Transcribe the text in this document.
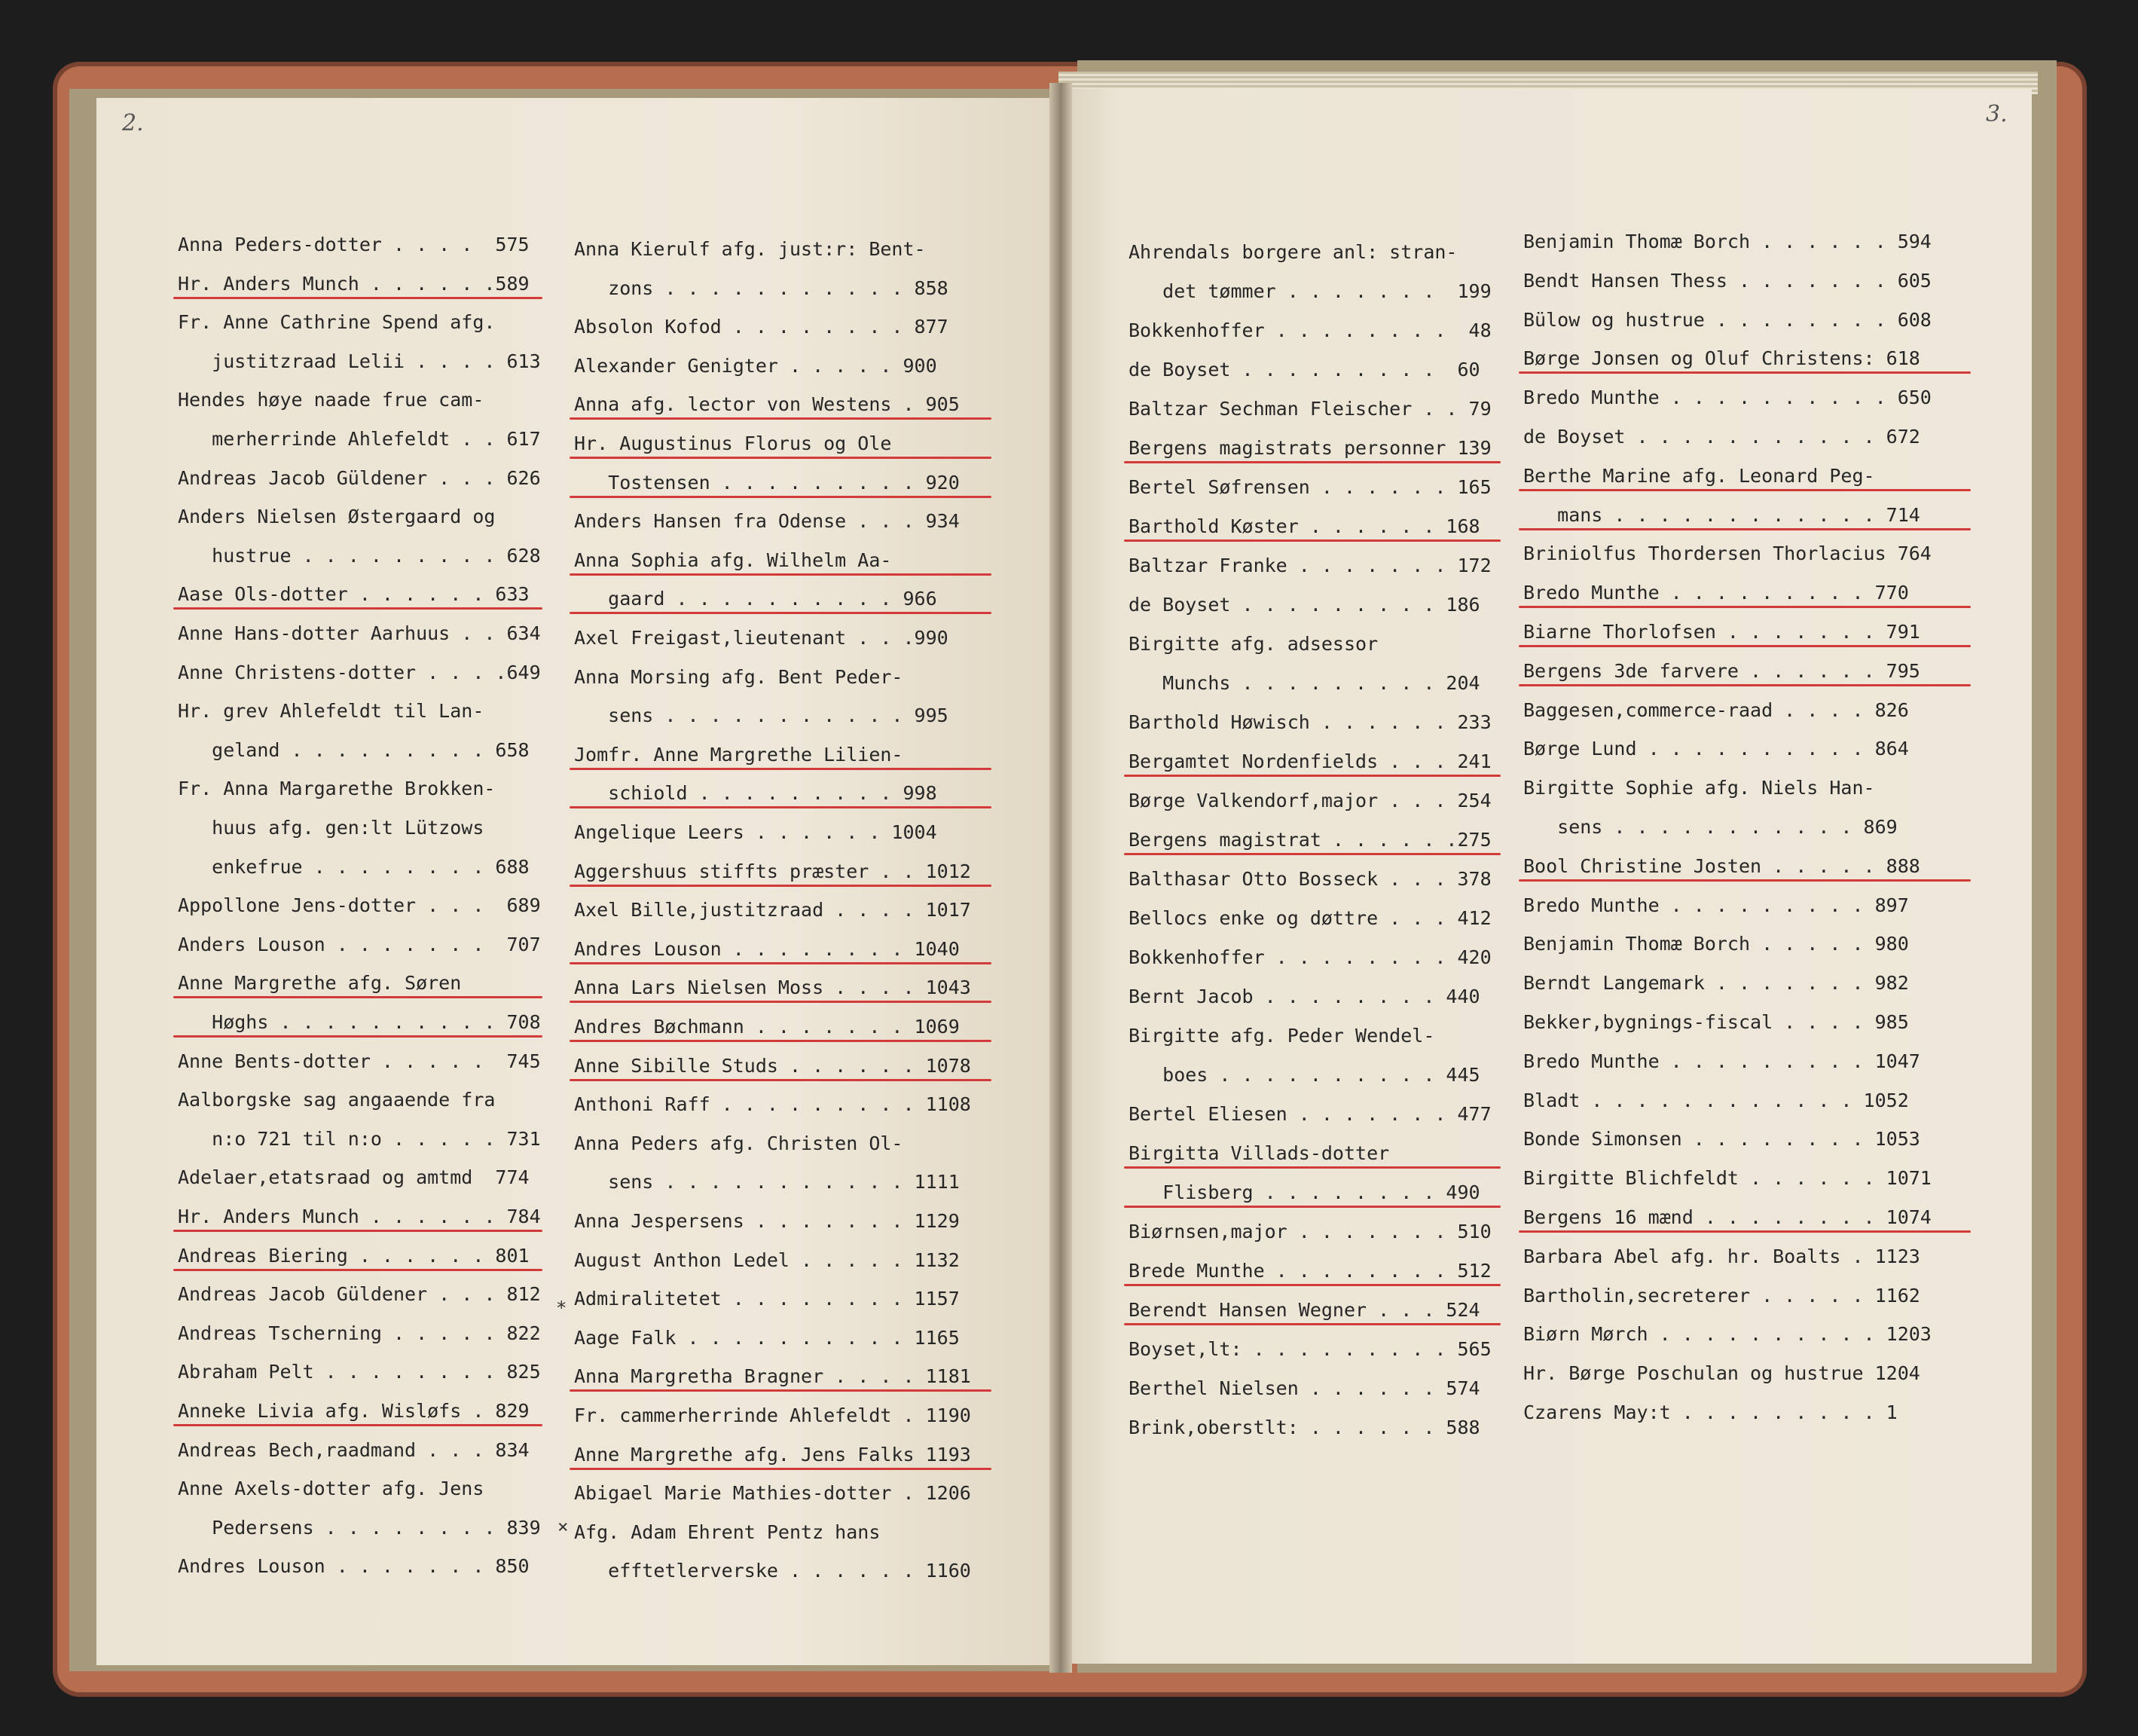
2.	3.
Anna Peders-dotter . . . .  575
Hr. Anders Munch . . . . . .589
Fr. Anne Cathrine Spend afg.
justitzraad Lelii . . . . 613
Hendes høye naade frue cam-
merherrinde Ahlefeldt . . 617
Andreas Jacob Güldener . . . 626
Anders Nielsen Østergaard og
hustrue . . . . . . . . . 628
Aase Ols-dotter . . . . . . 633
Anne Hans-dotter Aarhuus . . 634
Anne Christens-dotter . . . .649
Hr. grev Ahlefeldt til Lan-
geland . . . . . . . . . 658
Fr. Anna Margarethe Brokken-
huus afg. gen:lt Lützows
enkefrue . . . . . . . . 688
Appollone Jens-dotter . . .  689
Anders Louson . . . . . . .  707
Anne Margrethe afg. Søren
Høghs . . . . . . . . . . 708
Anne Bents-dotter . . . . .  745
Aalborgske sag angaaende fra
n:o 721 til n:o . . . . . 731
Adelaer,etatsraad og amtmd  774
Hr. Anders Munch . . . . . . 784
Andreas Biering . . . . . . 801
Andreas Jacob Güldener . . . 812
Andreas Tscherning . . . . . 822
Abraham Pelt . . . . . . . . 825
Anneke Livia afg. Wisløfs . 829
Andreas Bech,raadmand . . . 834
Anne Axels-dotter afg. Jens
Pedersens . . . . . . . . 839
Andres Louson . . . . . . . 850
Anna Kierulf afg. just:r: Bent-
zons . . . . . . . . . . . 858
Absolon Kofod . . . . . . . . 877
Alexander Genigter . . . . . 900
Anna afg. lector von Westens . 905
Hr. Augustinus Florus og Ole
Tostensen . . . . . . . . . 920
Anders Hansen fra Odense . . . 934
Anna Sophia afg. Wilhelm Aa-
gaard . . . . . . . . . . 966
Axel Freigast,lieutenant . . .990
Anna Morsing afg. Bent Peder-
sens . . . . . . . . . . . 995
Jomfr. Anne Margrethe Lilien-
schiold . . . . . . . . . 998
Angelique Leers . . . . . . 1004
Aggershuus stiffts præster . . 1012
Axel Bille,justitzraad . . . . 1017
Andres Louson . . . . . . . . 1040
Anna Lars Nielsen Moss . . . . 1043
Andres Bøchmann . . . . . . . 1069
Anne Sibille Studs . . . . . . 1078
Anthoni Raff . . . . . . . . . 1108
Anna Peders afg. Christen Ol-
sens . . . . . . . . . . . 1111
Anna Jespersens . . . . . . . 1129
August Anthon Ledel . . . . . 1132
Admiralitetet . . . . . . . . 1157
Aage Falk . . . . . . . . . . 1165
Anna Margretha Bragner . . . . 1181
Fr. cammerherrinde Ahlefeldt . 1190
Anne Margrethe afg. Jens Falks 1193
Abigael Marie Mathies-dotter . 1206
Afg. Adam Ehrent Pentz hans
efftetlerverske . . . . . . 1160
Ahrendals borgere anl: stran-
det tømmer . . . . . . .  199
Bokkenhoffer . . . . . . . .  48
de Boyset . . . . . . . . .  60
Baltzar Sechman Fleischer . . 79
Bergens magistrats personner 139
Bertel Søfrensen . . . . . . 165
Barthold Køster . . . . . . 168
Baltzar Franke . . . . . . . 172
de Boyset . . . . . . . . . 186
Birgitte afg. adsessor
Munchs . . . . . . . . . 204
Barthold Høwisch . . . . . . 233
Bergamtet Nordenfields . . . 241
Børge Valkendorf,major . . . 254
Bergens magistrat . . . . . .275
Balthasar Otto Bosseck . . . 378
Bellocs enke og døttre . . . 412
Bokkenhoffer . . . . . . . . 420
Bernt Jacob . . . . . . . . 440
Birgitte afg. Peder Wendel-
boes . . . . . . . . . . 445
Bertel Eliesen . . . . . . . 477
Birgitta Villads-dotter
Flisberg . . . . . . . . 490
Biørnsen,major . . . . . . . 510
Brede Munthe . . . . . . . . 512
Berendt Hansen Wegner . . . 524
Boyset,lt: . . . . . . . . . 565
Berthel Nielsen . . . . . . 574
Brink,oberstlt: . . . . . . 588
Benjamin Thomæ Borch . . . . . . 594
Bendt Hansen Thess . . . . . . . 605
Bülow og hustrue . . . . . . . . 608
Børge Jonsen og Oluf Christens: 618
Bredo Munthe . . . . . . . . . . 650
de Boyset . . . . . . . . . . . 672
Berthe Marine afg. Leonard Peg-
mans . . . . . . . . . . . . 714
Briniolfus Thordersen Thorlacius 764
Bredo Munthe . . . . . . . . . 770
Biarne Thorlofsen . . . . . . . 791
Bergens 3de farvere . . . . . . 795
Baggesen,commerce-raad . . . . 826
Børge Lund . . . . . . . . . . 864
Birgitte Sophie afg. Niels Han-
sens . . . . . . . . . . . 869
Bool Christine Josten . . . . . 888
Bredo Munthe . . . . . . . . . 897
Benjamin Thomæ Borch . . . . . 980
Berndt Langemark . . . . . . . 982
Bekker,bygnings-fiscal . . . . 985
Bredo Munthe . . . . . . . . . 1047
Bladt . . . . . . . . . . . . 1052
Bonde Simonsen . . . . . . . . 1053
Birgitte Blichfeldt . . . . . . 1071
Bergens 16 mænd . . . . . . . . 1074
Barbara Abel afg. hr. Boalts . 1123
Bartholin,secreterer . . . . . 1162
Biørn Mørch . . . . . . . . . . 1203
Hr. Børge Poschulan og hustrue 1204
Czarens May:t . . . . . . . . . 1
*
×
